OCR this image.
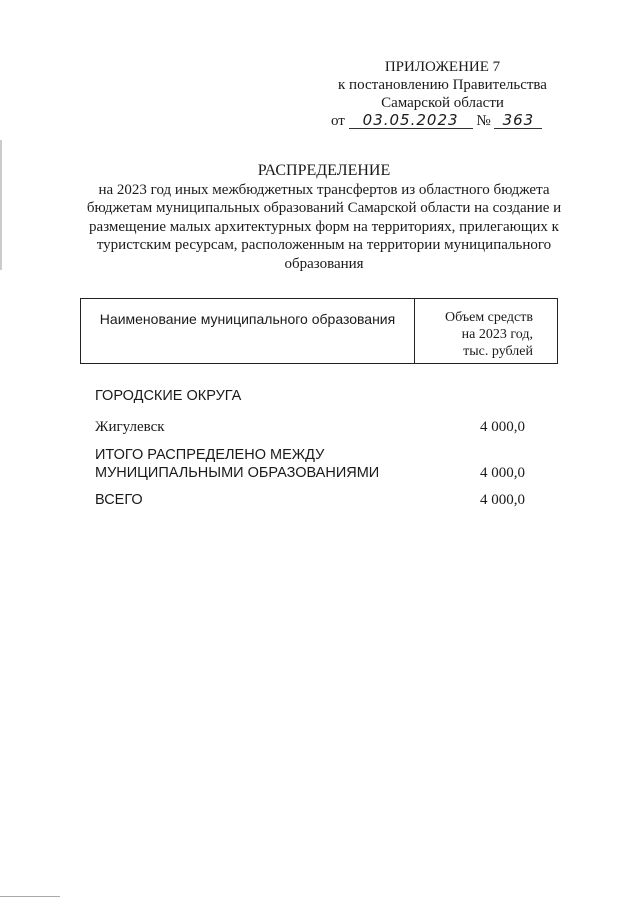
ПРИЛОЖЕНИЕ 7
к постановлению Правительства
Самарской области
от 03.05.2023 № 363
РАСПРЕДЕЛЕНИЕ
на 2023 год иных межбюджетных трансфертов из областного бюджета бюджетам муниципальных образований Самарской области на создание и размещение малых архитектурных форм на территориях, прилегающих к туристским ресурсам, расположенным на территории муниципального образования
Наименование муниципального образования	Объем средств
на 2023 год,
тыс. рублей
ГОРОДСКИЕ ОКРУГА
Жигулевск	4 000,0
ИТОГО РАСПРЕДЕЛЕНО МЕЖДУ
МУНИЦИПАЛЬНЫМИ ОБРАЗОВАНИЯМИ	4 000,0
ВСЕГО	4 000,0
